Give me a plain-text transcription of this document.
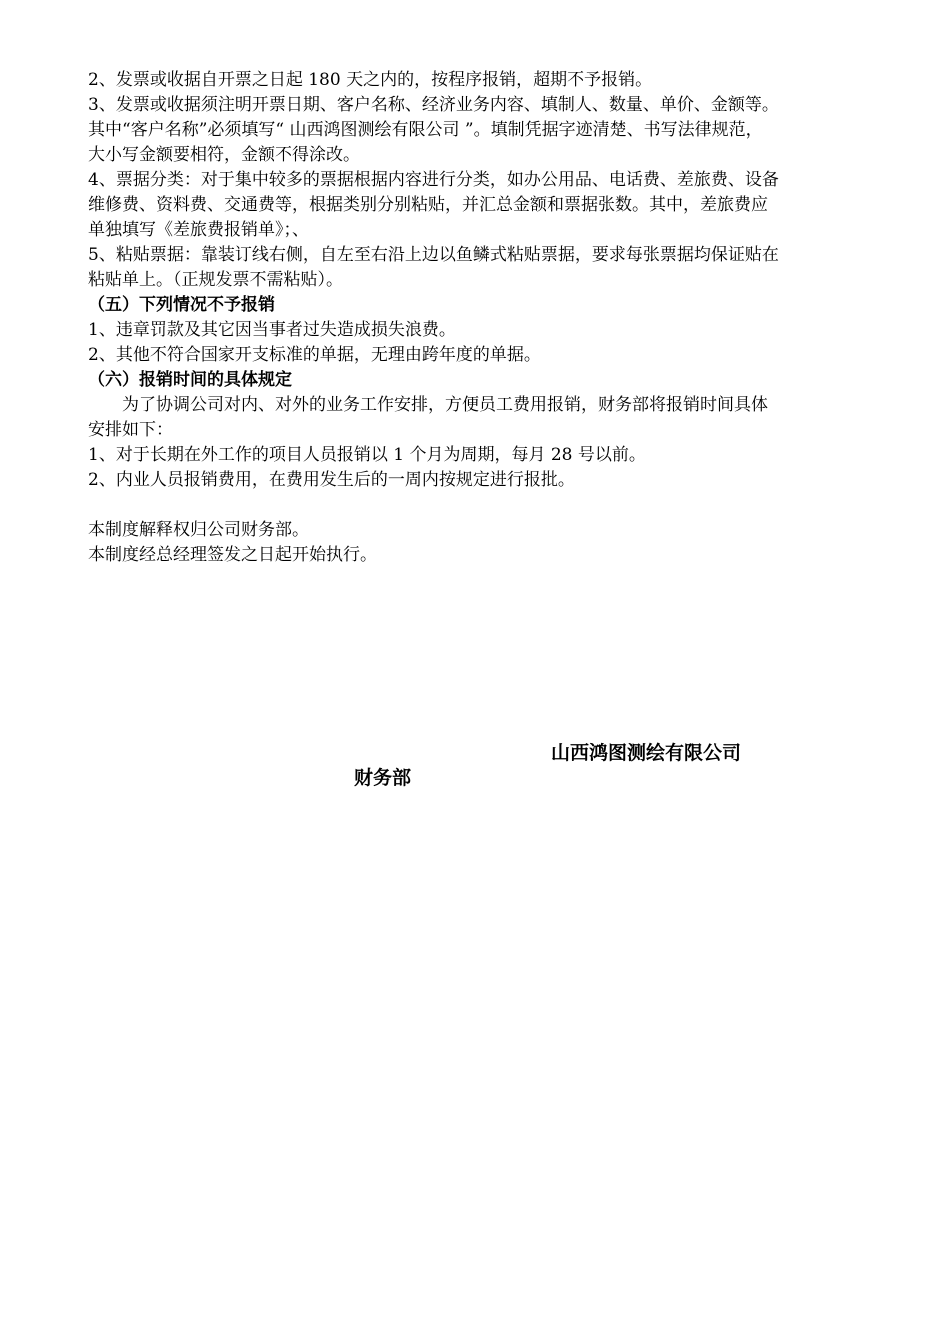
2、发票或收据自开票之日起 180 天之内的，按程序报销，超期不予报销。
3、发票或收据须注明开票日期、客户名称、经济业务内容、填制人、数量、单价、金额等。
其中“客户名称”必须填写“ 山西鸿图测绘有限公司 ”。填制凭据字迹清楚、书写法律规范，
大小写金额要相符，金额不得涂改。
4、票据分类：对于集中较多的票据根据内容进行分类，如办公用品、电话费、差旅费、设备
维修费、资料费、交通费等，根据类别分别粘贴，并汇总金额和票据张数。其中，差旅费应
单独填写《差旅费报销单》；、
5、粘贴票据：靠装订线右侧，自左至右沿上边以鱼鳞式粘贴票据，要求每张票据均保证贴在
粘贴单上。（正规发票不需粘贴）。
（五）下列情况不予报销
1、违章罚款及其它因当事者过失造成损失浪费。
2、其他不符合国家开支标准的单据，无理由跨年度的单据。
（六）报销时间的具体规定
为了协调公司对内、对外的业务工作安排，方便员工费用报销，财务部将报销时间具体
安排如下：
1、对于长期在外工作的项目人员报销以 1 个月为周期，每月 28 号以前。
2、内业人员报销费用，在费用发生后的一周内按规定进行报批。
本制度解释权归公司财务部。
本制度经总经理签发之日起开始执行。
山西鸿图测绘有限公司
财务部
